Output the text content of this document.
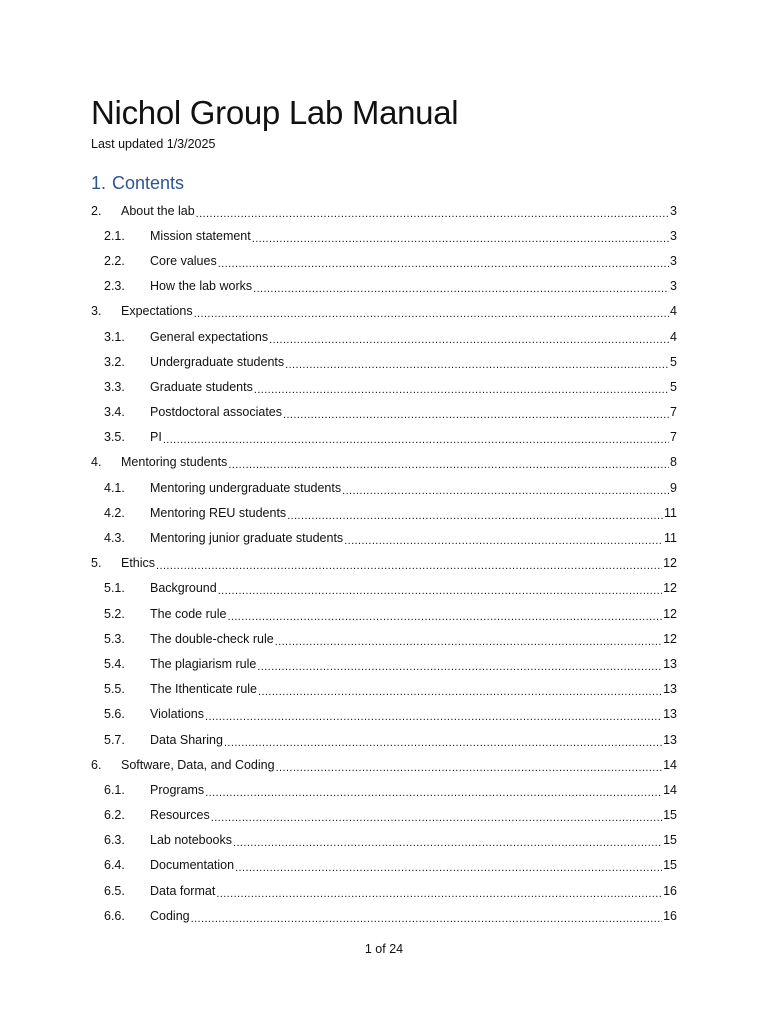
Nichol Group Lab Manual
Last updated 1/3/2025
1. Contents
2.	About the lab .....	3
2.1.	Mission statement .....	3
2.2.	Core values .....	3
2.3.	How the lab works .....	3
3.	Expectations .....	4
3.1.	General expectations .....	4
3.2.	Undergraduate students .....	5
3.3.	Graduate students .....	5
3.4.	Postdoctoral associates .....	7
3.5.	PI .....	7
4.	Mentoring students .....	8
4.1.	Mentoring undergraduate students .....	9
4.2.	Mentoring REU students .....	11
4.3.	Mentoring junior graduate students .....	11
5.	Ethics .....	12
5.1.	Background .....	12
5.2.	The code rule .....	12
5.3.	The double-check rule .....	12
5.4.	The plagiarism rule .....	13
5.5.	The Ithenticate rule .....	13
5.6.	Violations .....	13
5.7.	Data Sharing .....	13
6.	Software, Data, and Coding .....	14
6.1.	Programs .....	14
6.2.	Resources .....	15
6.3.	Lab notebooks .....	15
6.4.	Documentation .....	15
6.5.	Data format .....	16
6.6.	Coding .....	16
1 of 24
